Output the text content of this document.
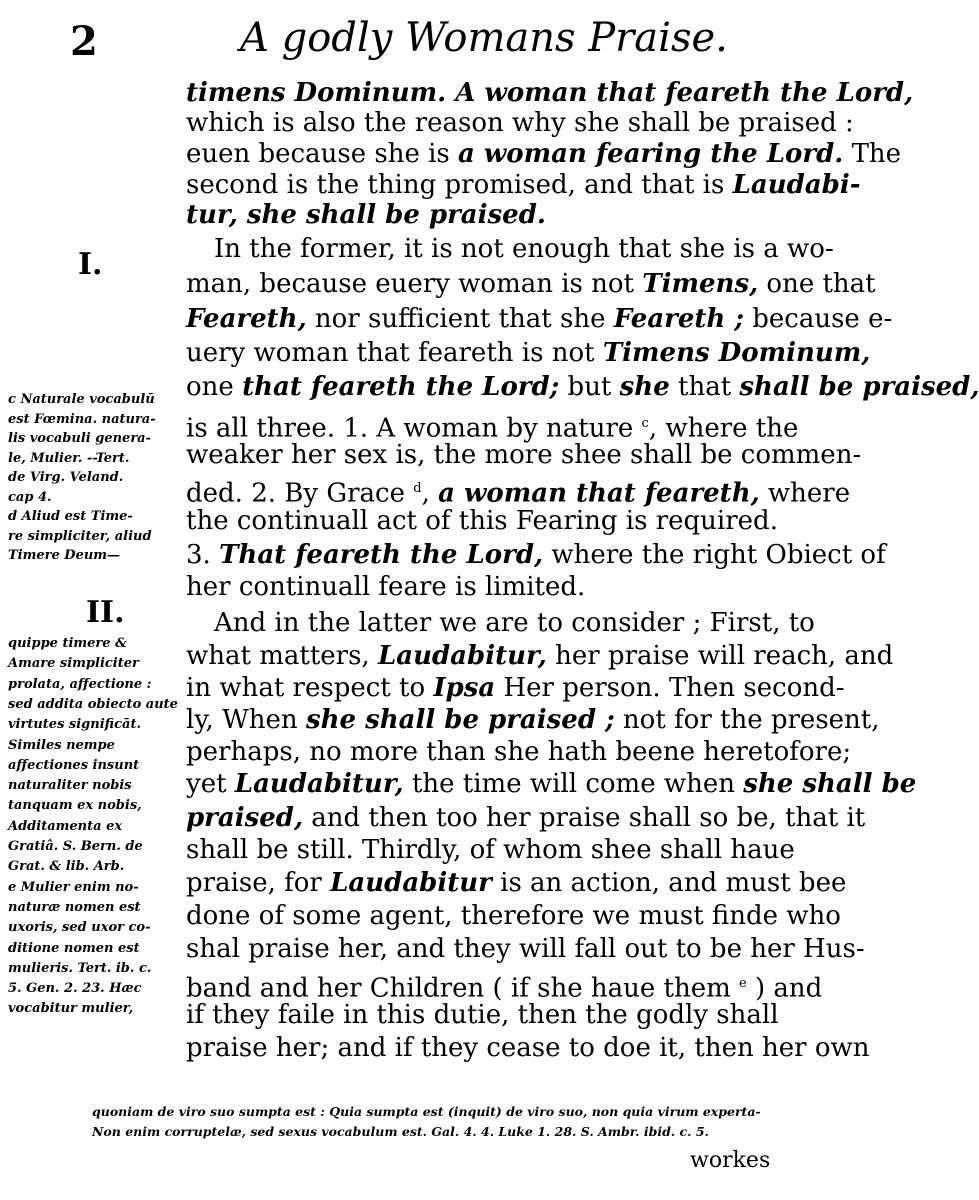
2	A godly Womans Praise.
timens Dominum. A woman that feareth the Lord,
which is also the reason why she shall be praised :
euen because she is a woman fearing the Lord. The
second is the thing promised, and that is Laudabi-
tur, she shall be praised.
In the former, it is not enough that she is a wo-
man, because euery woman is not Timens, one that
Feareth, nor sufficient that she Feareth ; because e-
uery woman that feareth is not Timens Dominum,
one that feareth the Lord; but she that shall be praised,
is all three. 1. A woman by nature $^c$, where the
weaker her sex is, the more shee shall be commen-
ded. 2. By Grace $^d$, a woman that feareth, where
the continuall act of this Fearing is required.
3. That feareth the Lord, where the right Obiect of
her continuall feare is limited.
And in the latter we are to consider ; First, to
what matters, Laudabitur, her praise will reach, and
in what respect to Ipsa Her person. Then second-
ly, When she shall be praised ; not for the present,
perhaps, no more than she hath beene heretofore;
yet Laudabitur, the time will come when she shall be
praised, and then too her praise shall so be, that it
shall be still. Thirdly, of whom shee shall haue
praise, for Laudabitur is an action, and must bee
done of some agent, therefore we must finde who
shal praise her, and they will fall out to be her Hus-
band and her Children ( if she haue them $^e$ ) and
if they faile in this dutie, then the godly shall
praise her; and if they cease to doe it, then her own
I.
II.
c Naturale vocabulū
est Fœmina. natura-
lis vocabuli genera-
le, Mulier. --Tert.
de Virg. Veland.
cap 4.
d Aliud est Time-
re simpliciter, aliud
Timere Deum—
quippe timere &
Amare simpliciter
prolata, affectione :
sed addita obiecto aute
virtutes significāt.
Similes nempe
affectiones insunt
naturaliter nobis
tanquam ex nobis,
Additamenta ex
Gratiâ. S. Bern. de
Grat. & lib. Arb.
e Mulier enim no-
naturæ nomen est
uxoris, sed uxor co-
ditione nomen est
mulieris. Tert. ib. c.
5. Gen. 2. 23. Hæc
vocabitur mulier,
quoniam de viro suo sumpta est : Quia sumpta est (inquit) de viro suo, non quia virum experta-
Non enim corruptelæ, sed sexus vocabulum est. Gal. 4. 4. Luke 1. 28. S. Ambr. ibid. c. 5.
workes
